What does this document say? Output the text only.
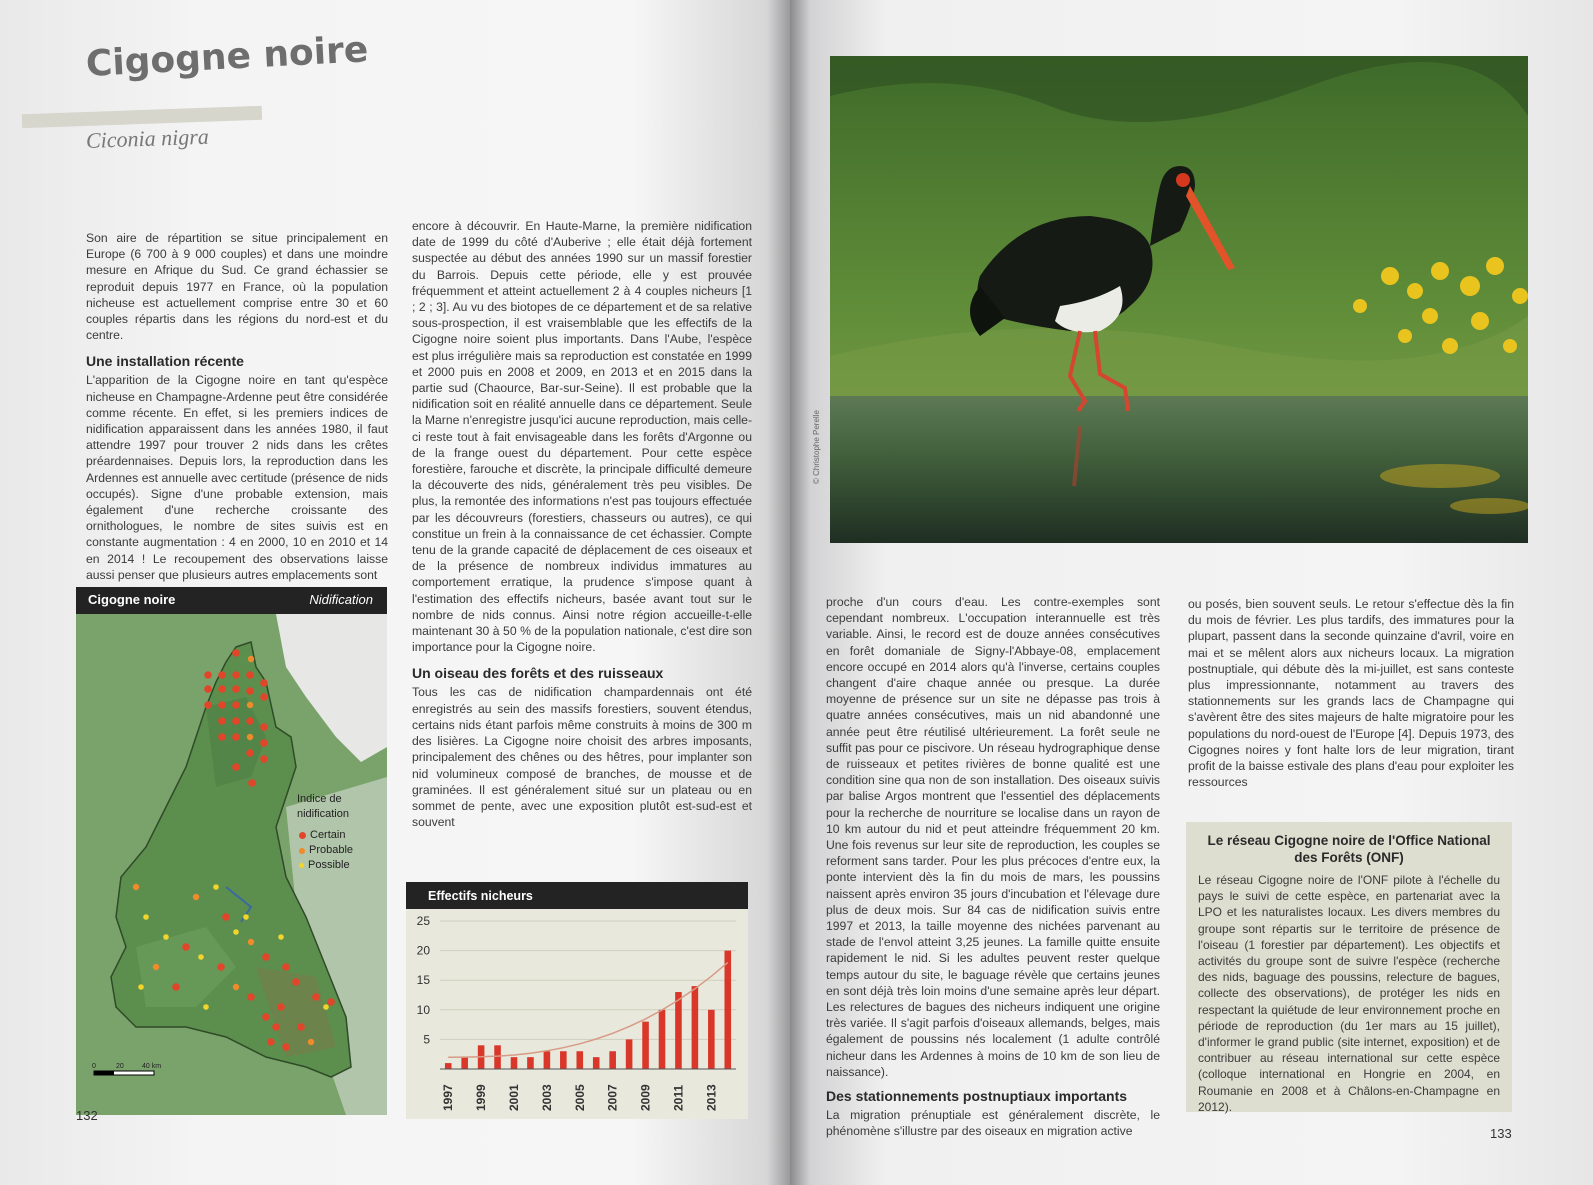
Cigogne noire
Ciconia nigra

Son aire de répartition se situe principalement en Europe (6 700 à 9 000 couples) et dans une moindre mesure en Afrique du Sud. Ce grand échassier se reproduit depuis 1977 en France, où la population nicheuse est actuellement comprise entre 30 et 60 couples répartis dans les régions du nord-est et du centre.

Une installation récente

L'apparition de la Cigogne noire en tant qu'espèce nicheuse en Champagne-Ardenne peut être considérée comme récente. En effet, si les premiers indices de nidification apparaissent dans les années 1980, il faut attendre 1997 pour trouver 2 nids dans les crêtes préardennaises. Depuis lors, la reproduction dans les Ardennes est annuelle avec certitude (présence de nids occupés). Signe d'une probable extension, mais également d'une recherche croissante des ornithologues, le nombre de sites suivis est en constante augmentation : 4 en 2000, 10 en 2010 et 14 en 2014 ! Le recoupement des observations laisse aussi penser que plusieurs autres emplacements sont

encore à découvrir. En Haute-Marne, la première nidification date de 1999 du côté d'Auberive ; elle était déjà fortement suspectée au début des années 1990 sur un massif forestier du Barrois. Depuis cette période, elle y est prouvée fréquemment et atteint actuellement 2 à 4 couples nicheurs [1 ; 2 ; 3]. Au vu des biotopes de ce département et de sa relative sous-prospection, il est vraisemblable que les effectifs de la Cigogne noire soient plus importants. Dans l'Aube, l'espèce est plus irrégulière mais sa reproduction est constatée en 1999 et 2000 puis en 2008 et 2009, en 2013 et en 2015 dans la partie sud (Chaource, Bar-sur-Seine). Il est probable que la nidification soit en réalité annuelle dans ce département. Seule la Marne n'enregistre jusqu'ici aucune reproduction, mais celle-ci reste tout à fait envisageable dans les forêts d'Argonne ou de la frange ouest du département. Pour cette espèce forestière, farouche et discrète, la principale difficulté demeure la découverte des nids, généralement très peu visibles. De plus, la remontée des informations n'est pas toujours effectuée par les découvreurs (forestiers, chasseurs ou autres), ce qui constitue un frein à la connaissance de cet échassier. Compte tenu de la grande capacité de déplacement de ces oiseaux et de la présence de nombreux individus immatures au comportement erratique, la prudence s'impose quant à l'estimation des effectifs nicheurs, basée avant tout sur le nombre de nids connus. Ainsi notre région accueille-t-elle maintenant 30 à 50 % de la population nationale, c'est dire son importance pour la Cigogne noire.

Un oiseau des forêts et des ruisseaux

Tous les cas de nidification champardennais ont été enregistrés au sein des massifs forestiers, souvent étendus, certains nids étant parfois même construits à moins de 300 m des lisières. La Cigogne noire choisit des arbres imposants, principalement des chênes ou des hêtres, pour implanter son nid volumineux composé de branches, de mousse et de graminées. Il est généralement situé sur un plateau ou en sommet de pente, avec une exposition plutôt est-sud-est et souvent

0	20	40 km
Cigogne noire	Nidification
Indice de nidification
Certain
Probable
Possible
Effectifs nicheurs
5
10
15
20
25
1997 1999 2001 2003 2005 2007 2009 2011 2013
132
© Christophe Perelle

proche d'un cours d'eau. Les contre-exemples sont cependant nombreux. L'occupation interannuelle est très variable. Ainsi, le record est de douze années consécutives en forêt domaniale de Signy-l'Abbaye-08, emplacement encore occupé en 2014 alors qu'à l'inverse, certains couples changent d'aire chaque année ou presque. La durée moyenne de présence sur un site ne dépasse pas trois à quatre années consécutives, mais un nid abandonné une année peut être réutilisé ultérieurement. La forêt seule ne suffit pas pour ce piscivore. Un réseau hydrographique dense de ruisseaux et petites rivières de bonne qualité est une condition sine qua non de son installation. Des oiseaux suivis par balise Argos montrent que l'essentiel des déplacements pour la recherche de nourriture se localise dans un rayon de 10 km autour du nid et peut atteindre fréquemment 20 km. Une fois revenus sur leur site de reproduction, les couples se reforment sans tarder. Pour les plus précoces d'entre eux, la ponte intervient dès la fin du mois de mars, les poussins naissent après environ 35 jours d'incubation et l'élevage dure plus de deux mois. Sur 84 cas de nidification suivis entre 1997 et 2013, la taille moyenne des nichées parvenant au stade de l'envol atteint 3,25 jeunes. La famille quitte ensuite rapidement le nid. Si les adultes peuvent rester quelque temps autour du site, le baguage révèle que certains jeunes en sont déjà très loin moins d'une semaine après leur départ. Les relectures de bagues des nicheurs indiquent une origine très variée. Il s'agit parfois d'oiseaux allemands, belges, mais également de poussins nés localement (1 adulte contrôlé nicheur dans les Ardennes à moins de 10 km de son lieu de naissance).

Des stationnements postnuptiaux importants

La migration prénuptiale est généralement discrète, le phénomène s'illustre par des oiseaux en migration active

ou posés, bien souvent seuls. Le retour s'effectue dès la fin du mois de février. Les plus tardifs, des immatures pour la plupart, passent dans la seconde quinzaine d'avril, voire en mai et se mêlent alors aux nicheurs locaux. La migration postnuptiale, qui débute dès la mi-juillet, est sans conteste plus impressionnante, notamment au travers des stationnements sur les grands lacs de Champagne qui s'avèrent être des sites majeurs de halte migratoire pour les populations du nord-ouest de l'Europe [4]. Depuis 1973, des Cigognes noires y font halte lors de leur migration, tirant profit de la baisse estivale des plans d'eau pour exploiter les ressources

Le réseau Cigogne noire de l'Office National des Forêts (ONF)

Le réseau Cigogne noire de l'ONF pilote à l'échelle du pays le suivi de cette espèce, en partenariat avec la LPO et les naturalistes locaux. Les divers membres du groupe sont répartis sur le territoire de présence de l'oiseau (1 forestier par département). Les objectifs et activités du groupe sont de suivre l'espèce (recherche des nids, baguage des poussins, relecture de bagues, collecte des observations), de protéger les nids en respectant la quiétude de leur environnement proche en période de reproduction (du 1er mars au 15 juillet), d'informer le grand public (site internet, exposition) et de contribuer au réseau international sur cette espèce (colloque international en Hongrie en 2004, en Roumanie en 2008 et à Châlons-en-Champagne en 2012).

133
